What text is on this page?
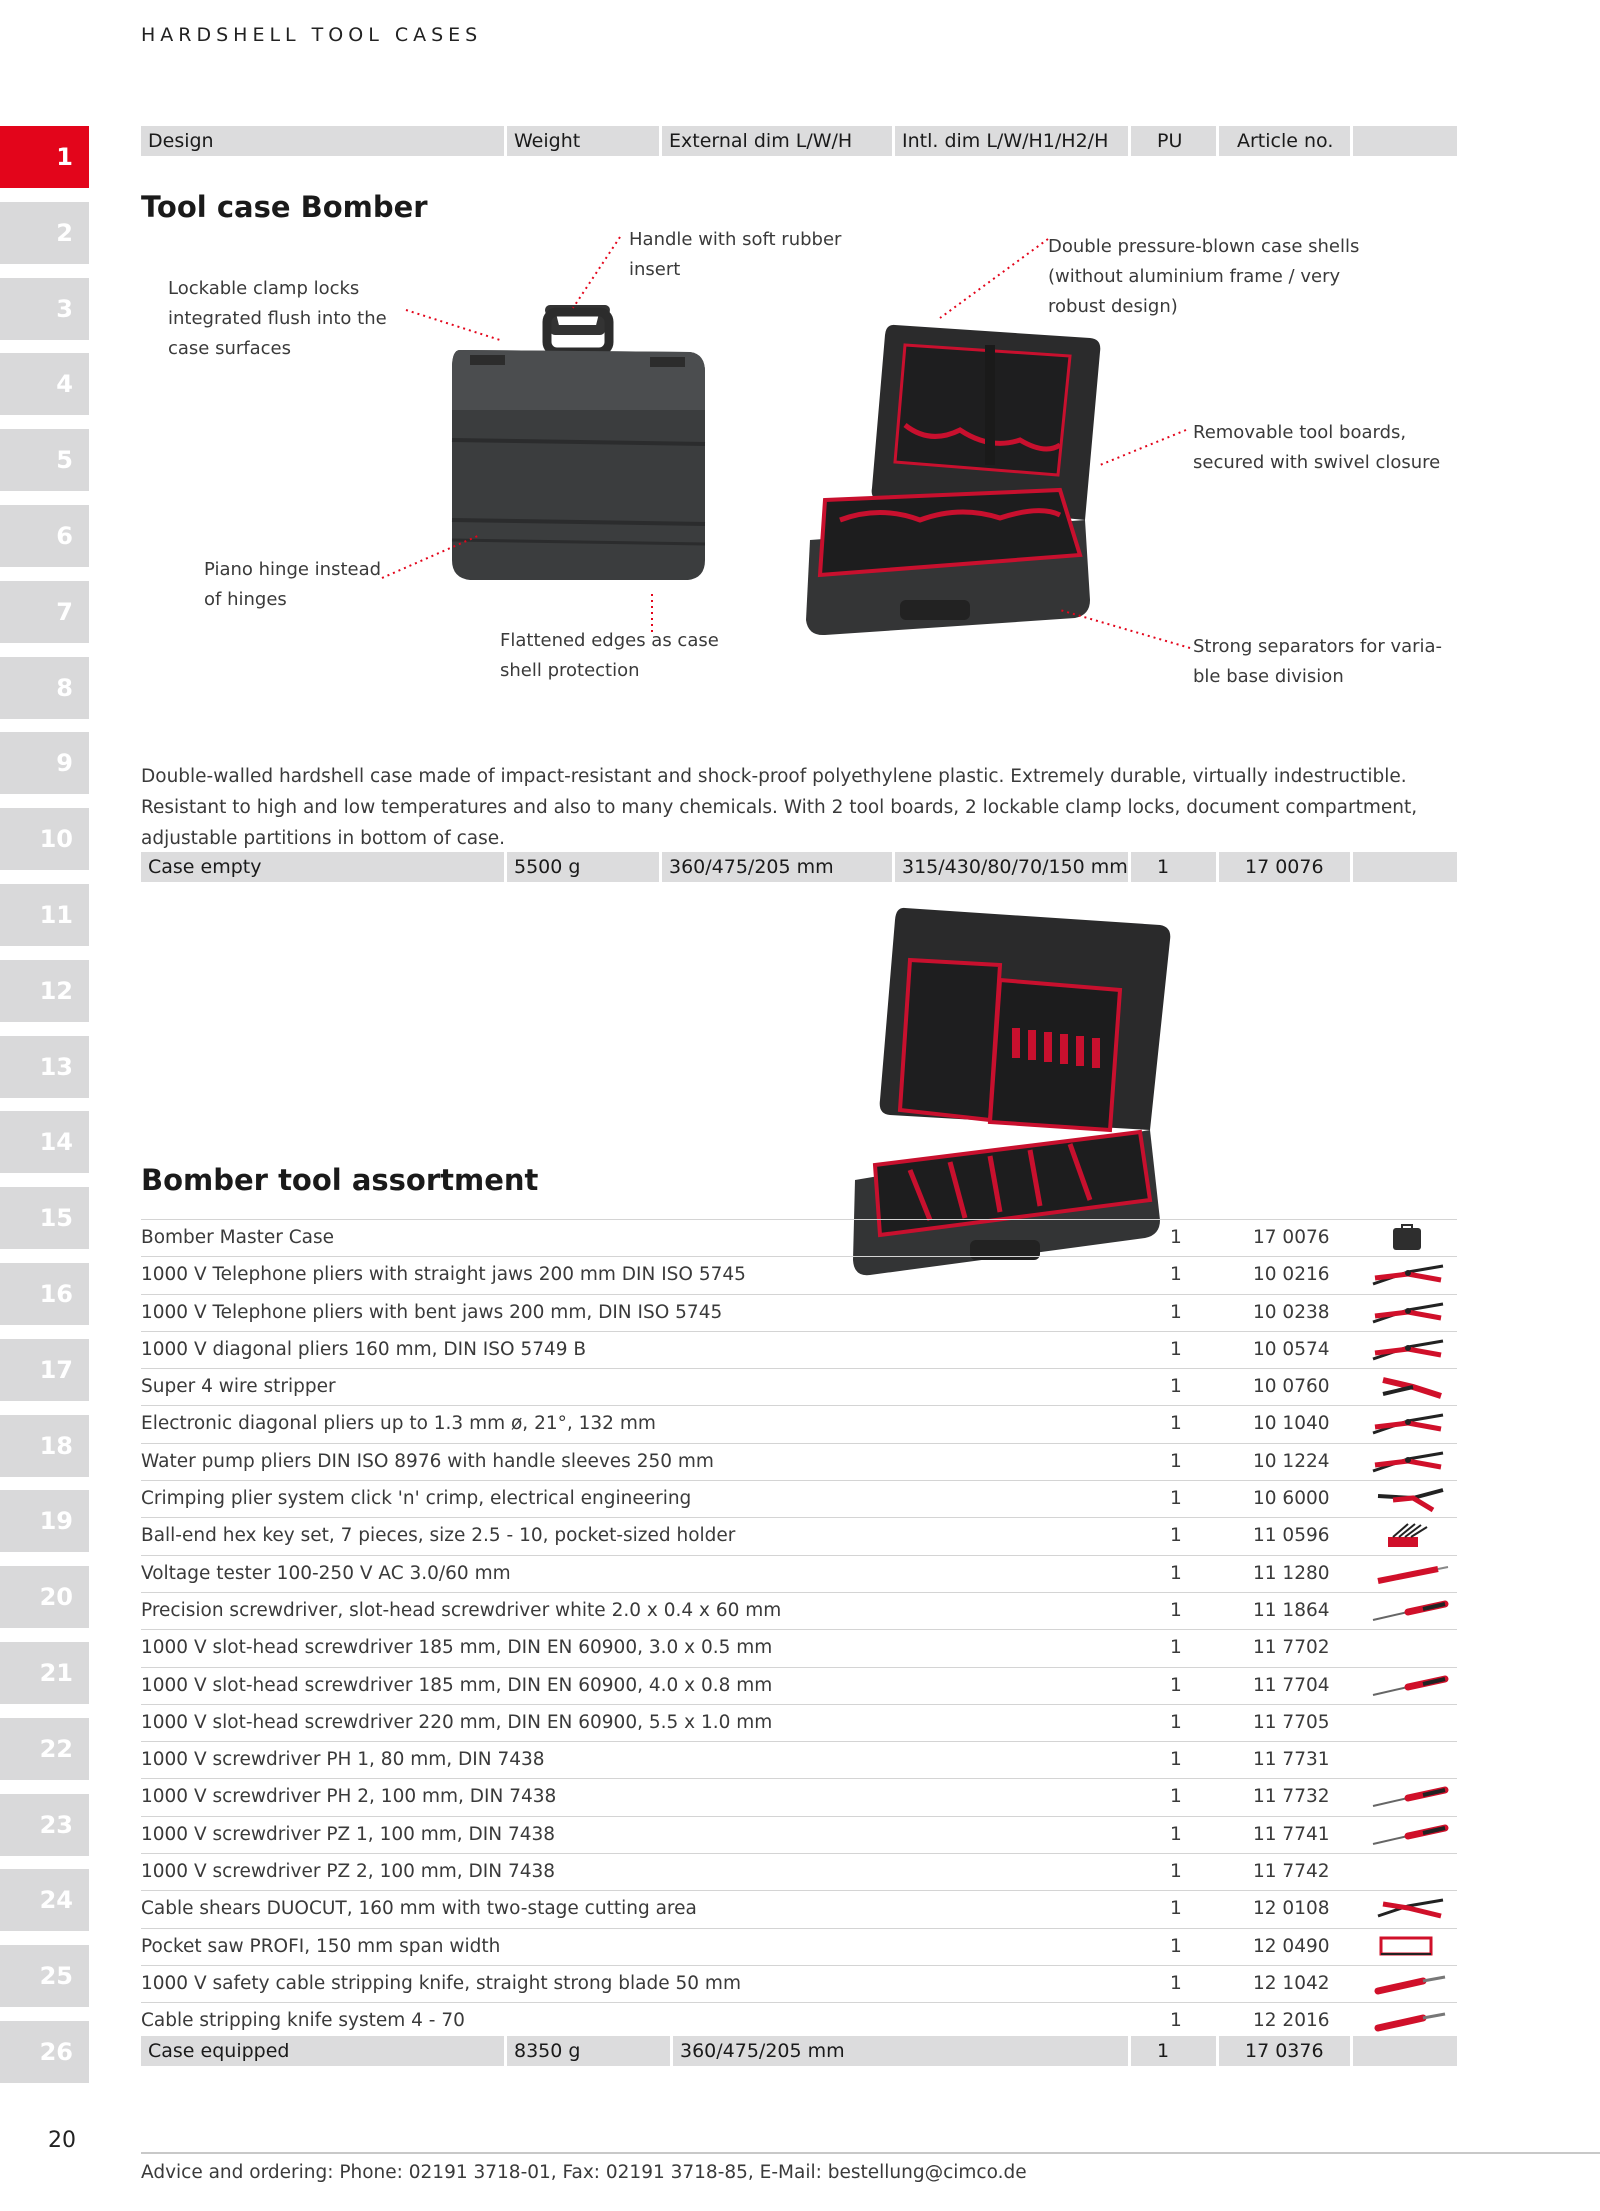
HARDSHELL TOOL CASES
1
2
3
4
5
6
7
8
9
10
11
12
13
14
15
16
17
18
19
20
21
22
23
24
25
26
Design	Weight	External dim L/W/H	Intl. dim L/W/H1/H2/H	PU	Article no.
Tool case Bomber
Lockable clamp locks integrated flush into the case surfaces
Handle with soft rubber insert
Double pressure-blown case shells (without aluminium frame / very robust design)
Removable tool boards, secured with swivel closure
Piano hinge instead of hinges
Flattened edges as case shell protection
Strong separators for varia-ble base division
Double-walled hardshell case made of impact-resistant and shock-proof polyethylene plastic. Extremely durable, virtually indestructible. Resistant to high and low temperatures and also to many chemicals. With 2 tool boards, 2 lockable clamp locks, document compartment, adjustable partitions in bottom of case.
Case empty	5500 g	360/475/205 mm	315/430/80/70/150 mm	1	17 0076
Bomber tool assortment
Bomber Master Case	1	17 0076
1000 V Telephone pliers with straight jaws 200 mm DIN ISO 5745	1	10 0216
1000 V Telephone pliers with bent jaws 200 mm, DIN ISO 5745	1	10 0238
1000 V diagonal pliers 160 mm, DIN ISO 5749 B	1	10 0574
Super 4 wire stripper	1	10 0760
Electronic diagonal pliers up to 1.3 mm ø, 21°, 132 mm	1	10 1040
Water pump pliers DIN ISO 8976 with handle sleeves 250 mm	1	10 1224
Crimping plier system click 'n' crimp, electrical engineering	1	10 6000
Ball-end hex key set, 7 pieces, size 2.5 - 10, pocket-sized holder	1	11 0596
Voltage tester 100-250 V AC 3.0/60 mm	1	11 1280
Precision screwdriver, slot-head screwdriver white 2.0 x 0.4 x 60 mm	1	11 1864
1000 V slot-head screwdriver 185 mm, DIN EN 60900, 3.0 x 0.5 mm	1	11 7702
1000 V slot-head screwdriver 185 mm, DIN EN 60900, 4.0 x 0.8 mm	1	11 7704
1000 V slot-head screwdriver 220 mm, DIN EN 60900, 5.5 x 1.0 mm	1	11 7705
1000 V screwdriver PH 1, 80 mm, DIN 7438	1	11 7731
1000 V screwdriver PH 2, 100 mm, DIN 7438	1	11 7732
1000 V screwdriver PZ 1, 100 mm, DIN 7438	1	11 7741
1000 V screwdriver PZ 2, 100 mm, DIN 7438	1	11 7742
Cable shears DUOCUT, 160 mm with two-stage cutting area	1	12 0108
Pocket saw PROFI, 150 mm span width	1	12 0490
1000 V safety cable stripping knife, straight strong blade 50 mm	1	12 1042
Cable stripping knife system 4 - 70	1	12 2016
Case equipped	8350 g	360/475/205 mm	1	17 0376
20
Advice and ordering: Phone: 02191 3718-01, Fax: 02191 3718-85, E-Mail: bestellung@cimco.de
